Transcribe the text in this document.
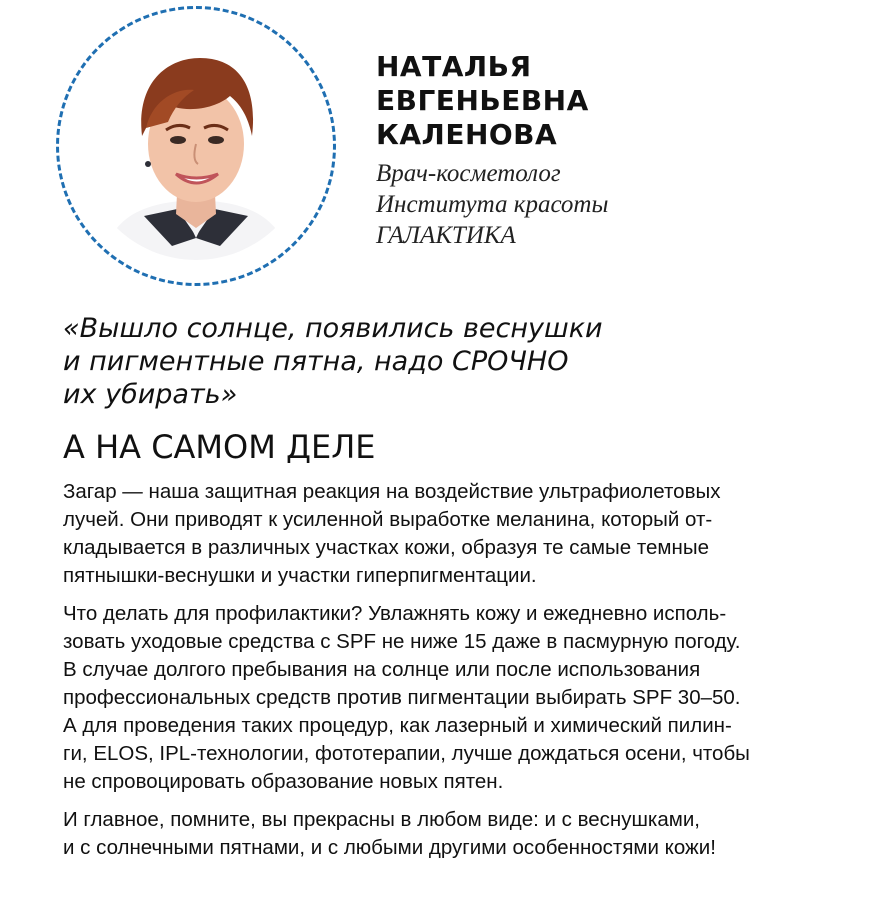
НАТАЛЬЯ
ЕВГЕНЬЕВНА
КАЛЕНОВА
Врач-косметолог
Института красоты
ГАЛАКТИКА
«Вышло солнце, появились веснушки
и пигментные пятна, надо СРОЧНО
их убирать»
А НА САМОМ ДЕЛЕ

Загар — наша защитная реакция на воздействие ультрафиолетовых
лучей. Они приводят к усиленной выработке меланина, который от-
кладывается в различных участках кожи, образуя те самые темные
пятнышки-веснушки и участки гиперпигментации.

Что делать для профилактики? Увлажнять кожу и ежедневно исполь-
зовать уходовые средства с SPF не ниже 15 даже в пасмурную погоду.
В случае долгого пребывания на солнце или после использования
профессиональных средств против пигментации выбирать SPF 30–50.
А для проведения таких процедур, как лазерный и химический пилин-
ги, ELOS, IPL-технологии, фототерапии, лучше дождаться осени, чтобы
не спровоцировать образование новых пятен.

И главное, помните, вы прекрасны в любом виде: и с веснушками,
и с солнечными пятнами, и с любыми другими особенностями кожи!
